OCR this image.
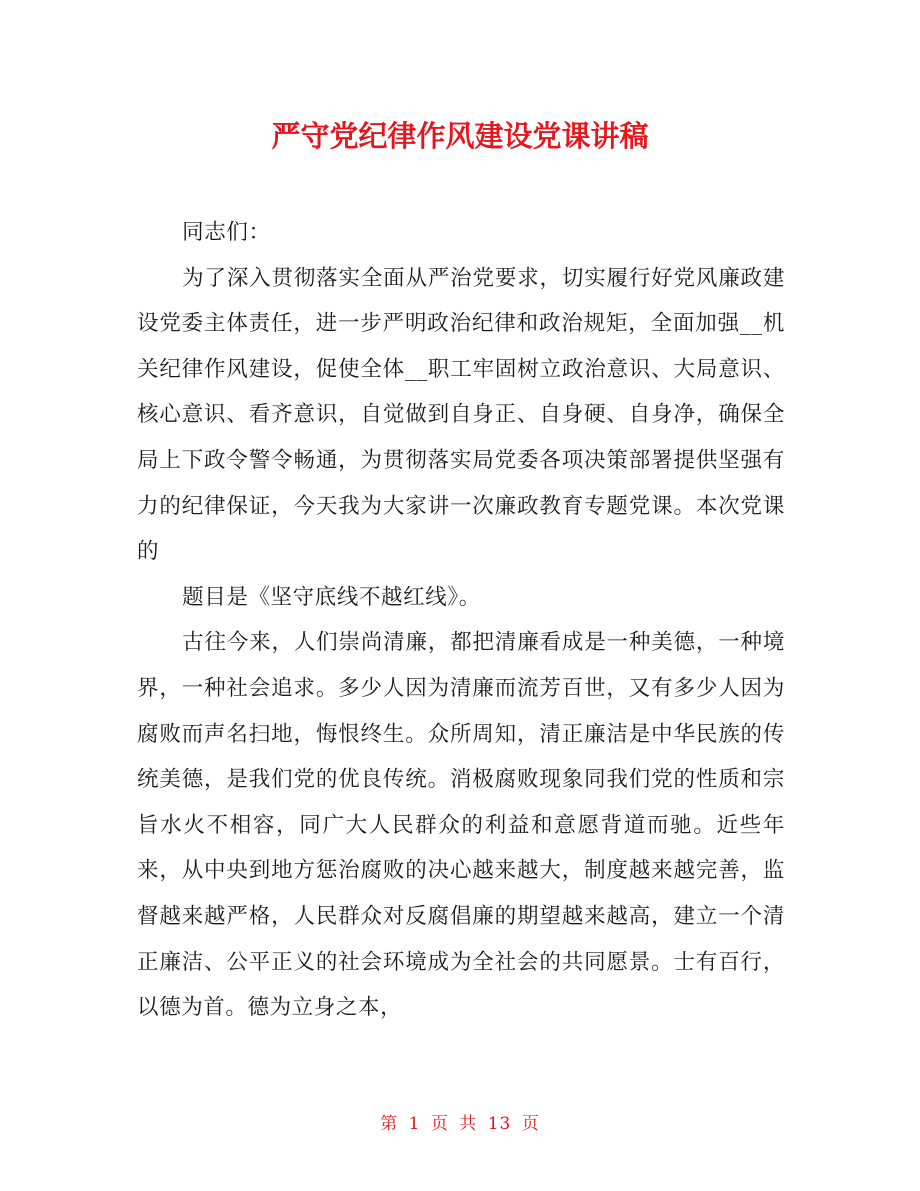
严守党纪律作风建设党课讲稿

同志们：

为了深入贯彻落实全面从严治党要求，切实履行好党风廉政建设党委主体责任，进一步严明政治纪律和政治规矩，全面加强__机关纪律作风建设，促使全体__职工牢固树立政治意识、大局意识、核心意识、看齐意识，自觉做到自身正、自身硬、自身净，确保全局上下政令警令畅通，为贯彻落实局党委各项决策部署提供坚强有力的纪律保证，今天我为大家讲一次廉政教育专题党课。本次党课的

题目是《坚守底线不越红线》。

古往今来，人们崇尚清廉，都把清廉看成是一种美德，一种境界，一种社会追求。多少人因为清廉而流芳百世，又有多少人因为腐败而声名扫地，悔恨终生。众所周知，清正廉洁是中华民族的传统美德，是我们党的优良传统。消极腐败现象同我们党的性质和宗旨水火不相容，同广大人民群众的利益和意愿背道而驰。近些年来，从中央到地方惩治腐败的决心越来越大，制度越来越完善，监督越来越严格，人民群众对反腐倡廉的期望越来越高，建立一个清正廉洁、公平正义的社会环境成为全社会的共同愿景。士有百行，以德为首。德为立身之本，

第 1 页 共 13 页
